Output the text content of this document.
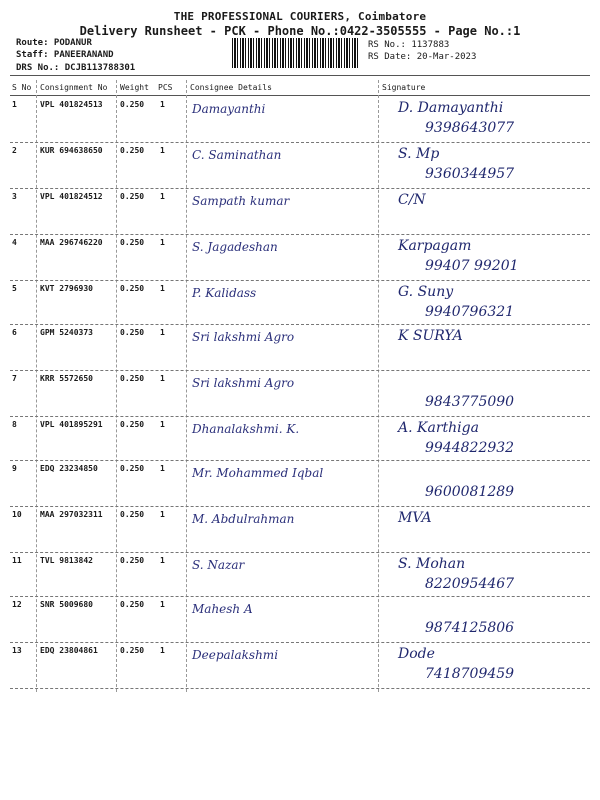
THE PROFESSIONAL COURIERS, Coimbatore
Delivery Runsheet - PCK - Phone No.:0422-3505555 - Page No.:1
Route: PODANUR
Staff: PANEERANAND
DRS No.: DCJB113788301
RS No.: 1137883
RS Date: 20-Mar-2023
S No Consignment No Weight PCS Consignee Details	Signature
1	VPL 401824513 0.250 1 Damayanthi	D. Damayanthi
9398643077
2	KUR 694638650 0.250 1 C. Saminathan	S. Mp
9360344957
3	VPL 401824512 0.250 1 Sampath kumar	C/N
4	MAA 296746220 0.250 1 S. Jagadeshan	Karpagam
99407 99201
5	KVT 2796930	0.250 1 P. Kalidass	G. Suny
9940796321
6	GPM 5240373	0.250 1 Sri lakshmi Agro	K SURYA
7	KRR 5572650	0.250 1 Sri lakshmi Agro
9843775090
8	VPL 401895291 0.250 1 Dhanalakshmi. K.	A. Karthiga
9944822932
9	EDQ 23234850	0.250 1 Mr. Mohammed Iqbal
9600081289
10 MAA 297032311 0.250 1 M. Abdulrahman	MVA
11 TVL 9813842	0.250 1 S. Nazar	S. Mohan
8220954467
12 SNR 5009680	0.250 1 Mahesh A
9874125806
13 EDQ 23804861	0.250 1 Deepalakshmi	Dode
7418709459
